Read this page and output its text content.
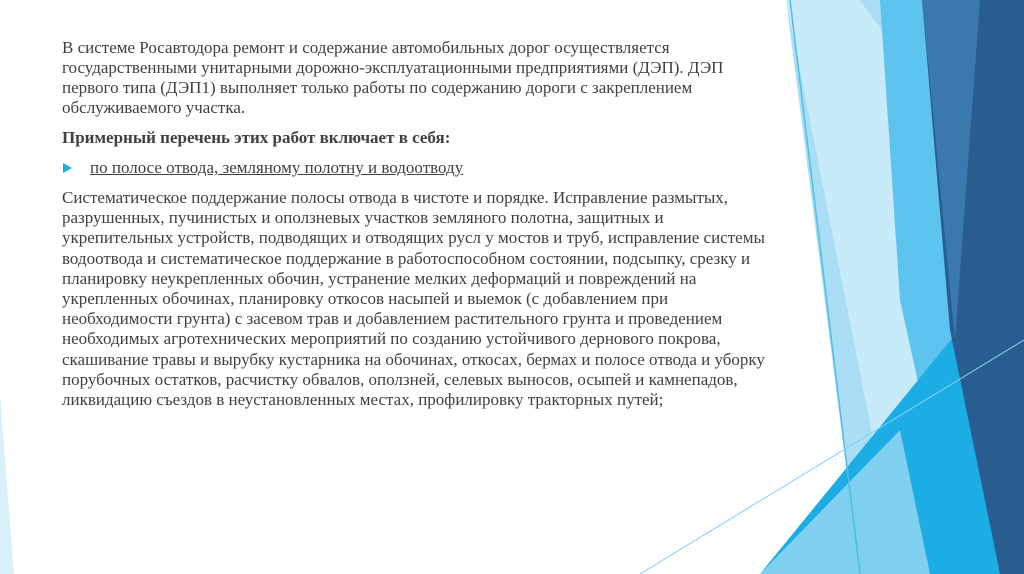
В системе Росавтодора ремонт и содержание автомобильных дорог осуществляется государственными унитарными дорожно-эксплуатационными предприятиями (ДЭП). ДЭП первого типа (ДЭП1) выполняет только работы по содержанию дороги с закреплением обслуживаемого участка.

Примерный перечень этих работ включает в себя:

по полосе отвода, земляному полотну и водоотводу

Систематическое поддержание полосы отвода в чистоте и порядке. Исправление размытых, разрушенных, пучинистых и оползневых участков земляного полотна, защитных и укрепительных устройств, подводящих и отводящих русл у мостов и труб, исправление системы водоотвода и систематическое поддержание в работоспособном состоянии, подсыпку, срезку и планировку неукрепленных обочин, устранение мелких деформаций и повреждений на укрепленных обочинах, планировку откосов насыпей и выемок (с добавлением при необходимости грунта) с засевом трав и добавлением растительного грунта и проведением необходимых агротехнических мероприятий по созданию устойчивого дернового покрова, скашивание травы и вырубку кустарника на обочинах, откосах, бермах и полосе отвода и уборку порубочных остатков, расчистку обвалов, оползней, селевых выносов, осыпей и камнепадов, ликвидацию съездов в неустановленных местах, профилировку тракторных путей;
